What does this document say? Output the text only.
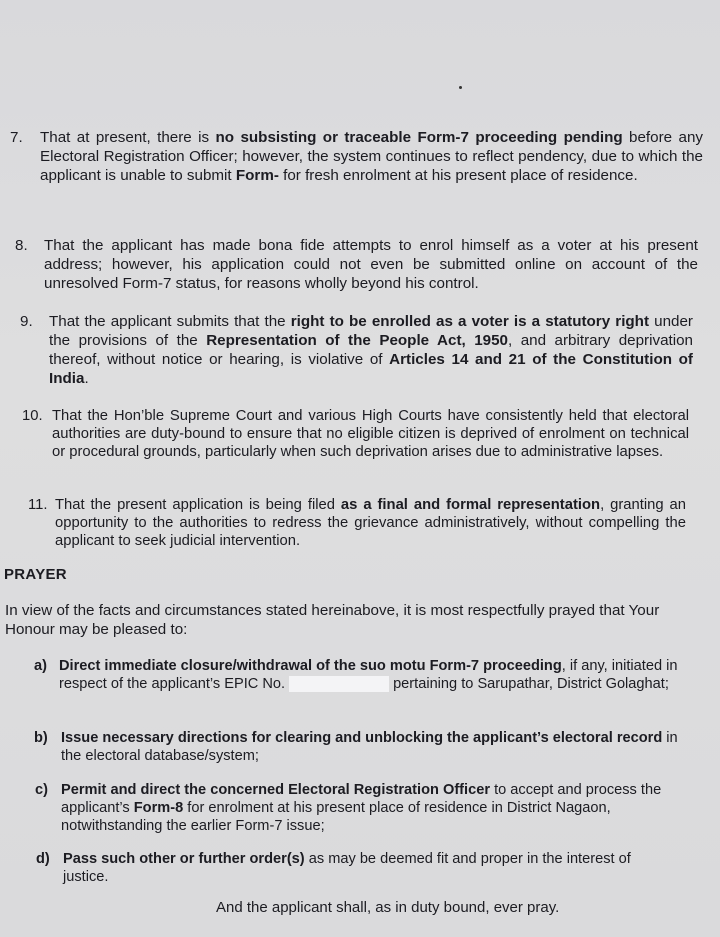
7.	That at present, there is no subsisting or traceable Form-7 proceeding pending before any Electoral Registration Officer; however, the system continues to reflect pendency, due to which the applicant is unable to submit Form- for fresh enrolment at his present place of residence.
8.	That the applicant has made bona fide attempts to enrol himself as a voter at his present address; however, his application could not even be submitted online on account of the unresolved Form-7 status, for reasons wholly beyond his control.
9.	That the applicant submits that the right to be enrolled as a voter is a statutory right under the provisions of the Representation of the People Act, 1950, and arbitrary deprivation thereof, without notice or hearing, is violative of Articles 14 and 21 of the Constitution of India.
10. That the Hon’ble Supreme Court and various High Courts have consistently held that electoral authorities are duty-bound to ensure that no eligible citizen is deprived of enrolment on technical or procedural grounds, particularly when such deprivation arises due to administrative lapses.
11. That the present application is being filed as a final and formal representation, granting an opportunity to the authorities to redress the grievance administratively, without compelling the applicant to seek judicial intervention.
PRAYER
In view of the facts and circumstances stated hereinabove, it is most respectfully prayed that Your Honour may be pleased to:
a) Direct immediate closure/withdrawal of the suo motu Form-7 proceeding, if any, initiated in respect of the applicant’s EPIC No.	pertaining to Sarupathar, District Golaghat;
b) Issue necessary directions for clearing and unblocking the applicant’s electoral record in the electoral database/system;
c) Permit and direct the concerned Electoral Registration Officer to accept and process the applicant’s Form-8 for enrolment at his present place of residence in District Nagaon, notwithstanding the earlier Form-7 issue;
d) Pass such other or further order(s) as may be deemed fit and proper in the interest of justice.
And the applicant shall, as in duty bound, ever pray.
